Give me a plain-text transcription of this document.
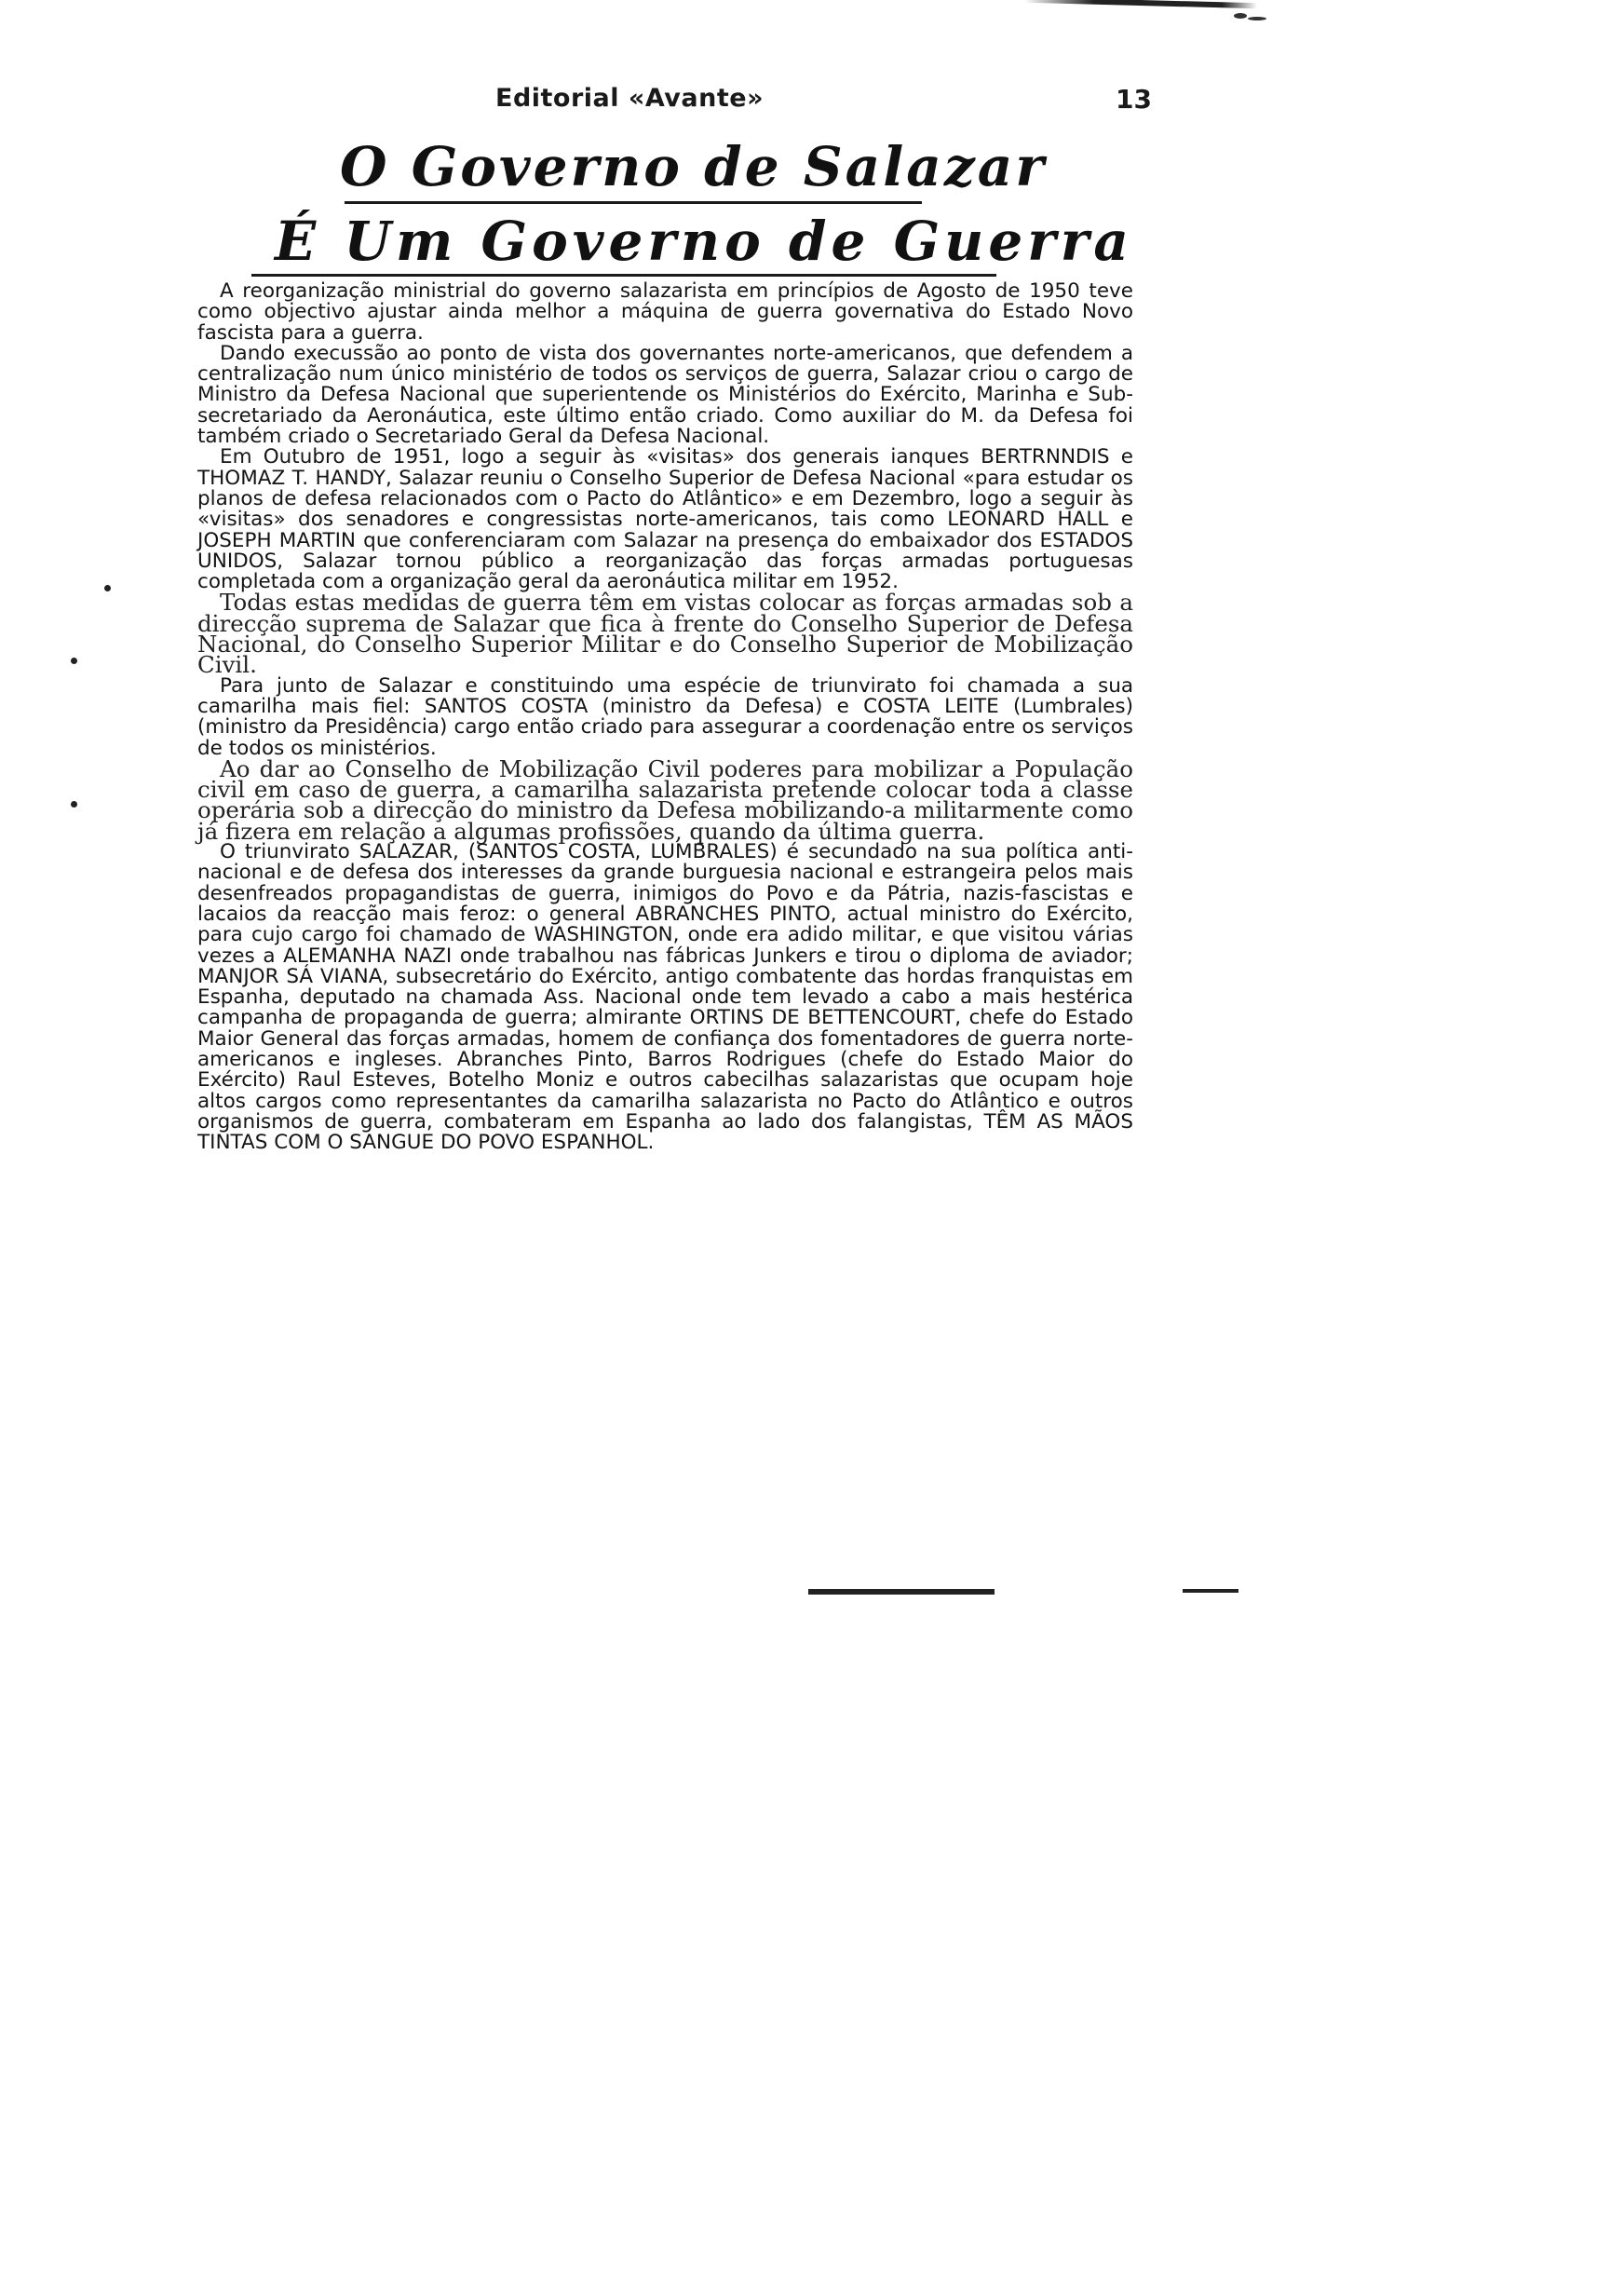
Editorial «Avante»	13
O Governo de Salazar
É Um Governo de Guerra

A reorganização ministrial do governo salazarista em princípios de Agosto de 1950 teve como objectivo ajustar ainda melhor a máquina de guerra governativa do Estado Novo fascista para a guerra.

Dando execussão ao ponto de vista dos governantes norte-americanos, que defendem a centralização num único ministério de todos os serviços de guerra, Salazar criou o cargo de Ministro da Defesa Nacional que superientende os Ministérios do Exército, Marinha e Sub-secretariado da Aeronáutica, este último então criado. Como auxiliar do M. da Defesa foi também criado o Secretariado Geral da Defesa Nacional.

Em Outubro de 1951, logo a seguir às «visitas» dos generais ianques BERTRNNDIS e THOMAZ T. HANDY, Salazar reuniu o Conselho Superior de Defesa Nacional «para estudar os planos de defesa relacionados com o Pacto do Atlântico» e em Dezembro, logo a seguir às «visitas» dos senadores e congressistas norte-americanos, tais como LEONARD HALL e JOSEPH MARTIN que conferenciaram com Salazar na presença do embaixador dos ESTADOS UNIDOS, Salazar tornou público a reorganização das forças armadas portuguesas completada com a organização geral da aeronáutica militar em 1952.

Todas estas medidas de guerra têm em vistas colocar as forças armadas sob a direcção suprema de Salazar que fica à frente do Conselho Superior de Defesa Nacional, do Conselho Superior Militar e do Conselho Superior de Mobilização Civil.

Para junto de Salazar e constituindo uma espécie de triunvirato foi chamada a sua camarilha mais fiel: SANTOS COSTA (ministro da Defesa) e COSTA LEITE (Lumbrales) (ministro da Presidência) cargo então criado para assegurar a coordenação entre os serviços de todos os ministérios.

Ao dar ao Conselho de Mobilização Civil poderes para mobilizar a População civil em caso de guerra, a camarilha salazarista pretende colocar toda a classe operária sob a direcção do ministro da Defesa mobilizando-a militarmente como já fizera em relação a algumas profissões, quando da última guerra.

O triunvirato SALAZAR, (SANTOS COSTA, LUMBRALES) é secundado na sua política anti-nacional e de defesa dos interesses da grande burguesia nacional e estrangeira pelos mais desenfreados propagandistas de guerra, inimigos do Povo e da Pátria, nazis-fascistas e lacaios da reacção mais feroz: o general ABRANCHES PINTO, actual ministro do Exército, para cujo cargo foi chamado de WASHINGTON, onde era adido militar, e que visitou várias vezes a ALEMANHA NAZI onde trabalhou nas fábricas Junkers e tirou o diploma de aviador; MANJOR SÁ VIANA, subsecretário do Exército, antigo combatente das hordas franquistas em Espanha, deputado na chamada Ass. Nacional onde tem levado a cabo a mais hestérica campanha de propaganda de guerra; almirante ORTINS DE BETTENCOURT, chefe do Estado Maior General das forças armadas, homem de confiança dos fomentadores de guerra norte-americanos e ingleses. Abranches Pinto, Barros Rodrigues (chefe do Estado Maior do Exército) Raul Esteves, Botelho Moniz e outros cabecilhas salazaristas que ocupam hoje altos cargos como representantes da camarilha salazarista no Pacto do Atlântico e outros organismos de guerra, combateram em Espanha ao lado dos falangistas, TÊM AS MÃOS TINTAS COM O SANGUE DO POVO ESPANHOL.
